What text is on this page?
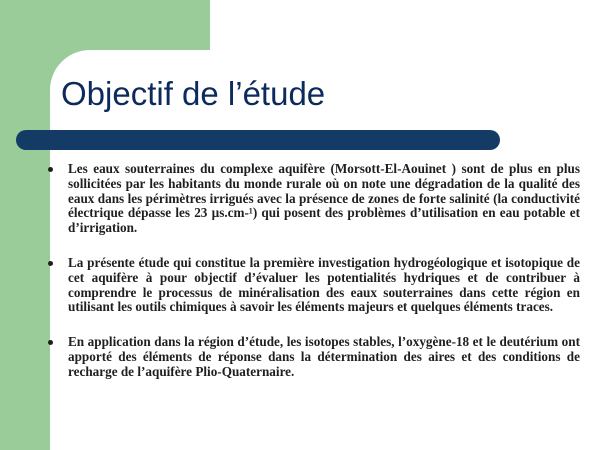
Objectif de l’étude
Les eaux souterraines du complexe aquifère (Morsott-El-Aouinet ) sont de plus en plus sollicitées par les habitants du monde rurale où on note une dégradation de la qualité des eaux dans les périmètres irrigués avec la présence de zones de forte salinité (la conductivité électrique dépasse les 23 µs.cm-¹) qui posent des problèmes d’utilisation en eau potable et d’irrigation.
La présente étude qui constitue la première investigation hydrogéologique et isotopique de cet aquifère à pour objectif d’évaluer les potentialités hydriques et de contribuer à comprendre le processus de minéralisation des eaux souterraines dans cette région en utilisant les outils chimiques à savoir les éléments majeurs et quelques éléments traces.
En application dans la région d’étude, les isotopes stables, l’oxygène-18 et le deutérium ont apporté des éléments de réponse dans la détermination des aires et des conditions de recharge de l’aquifère Plio-Quaternaire.
